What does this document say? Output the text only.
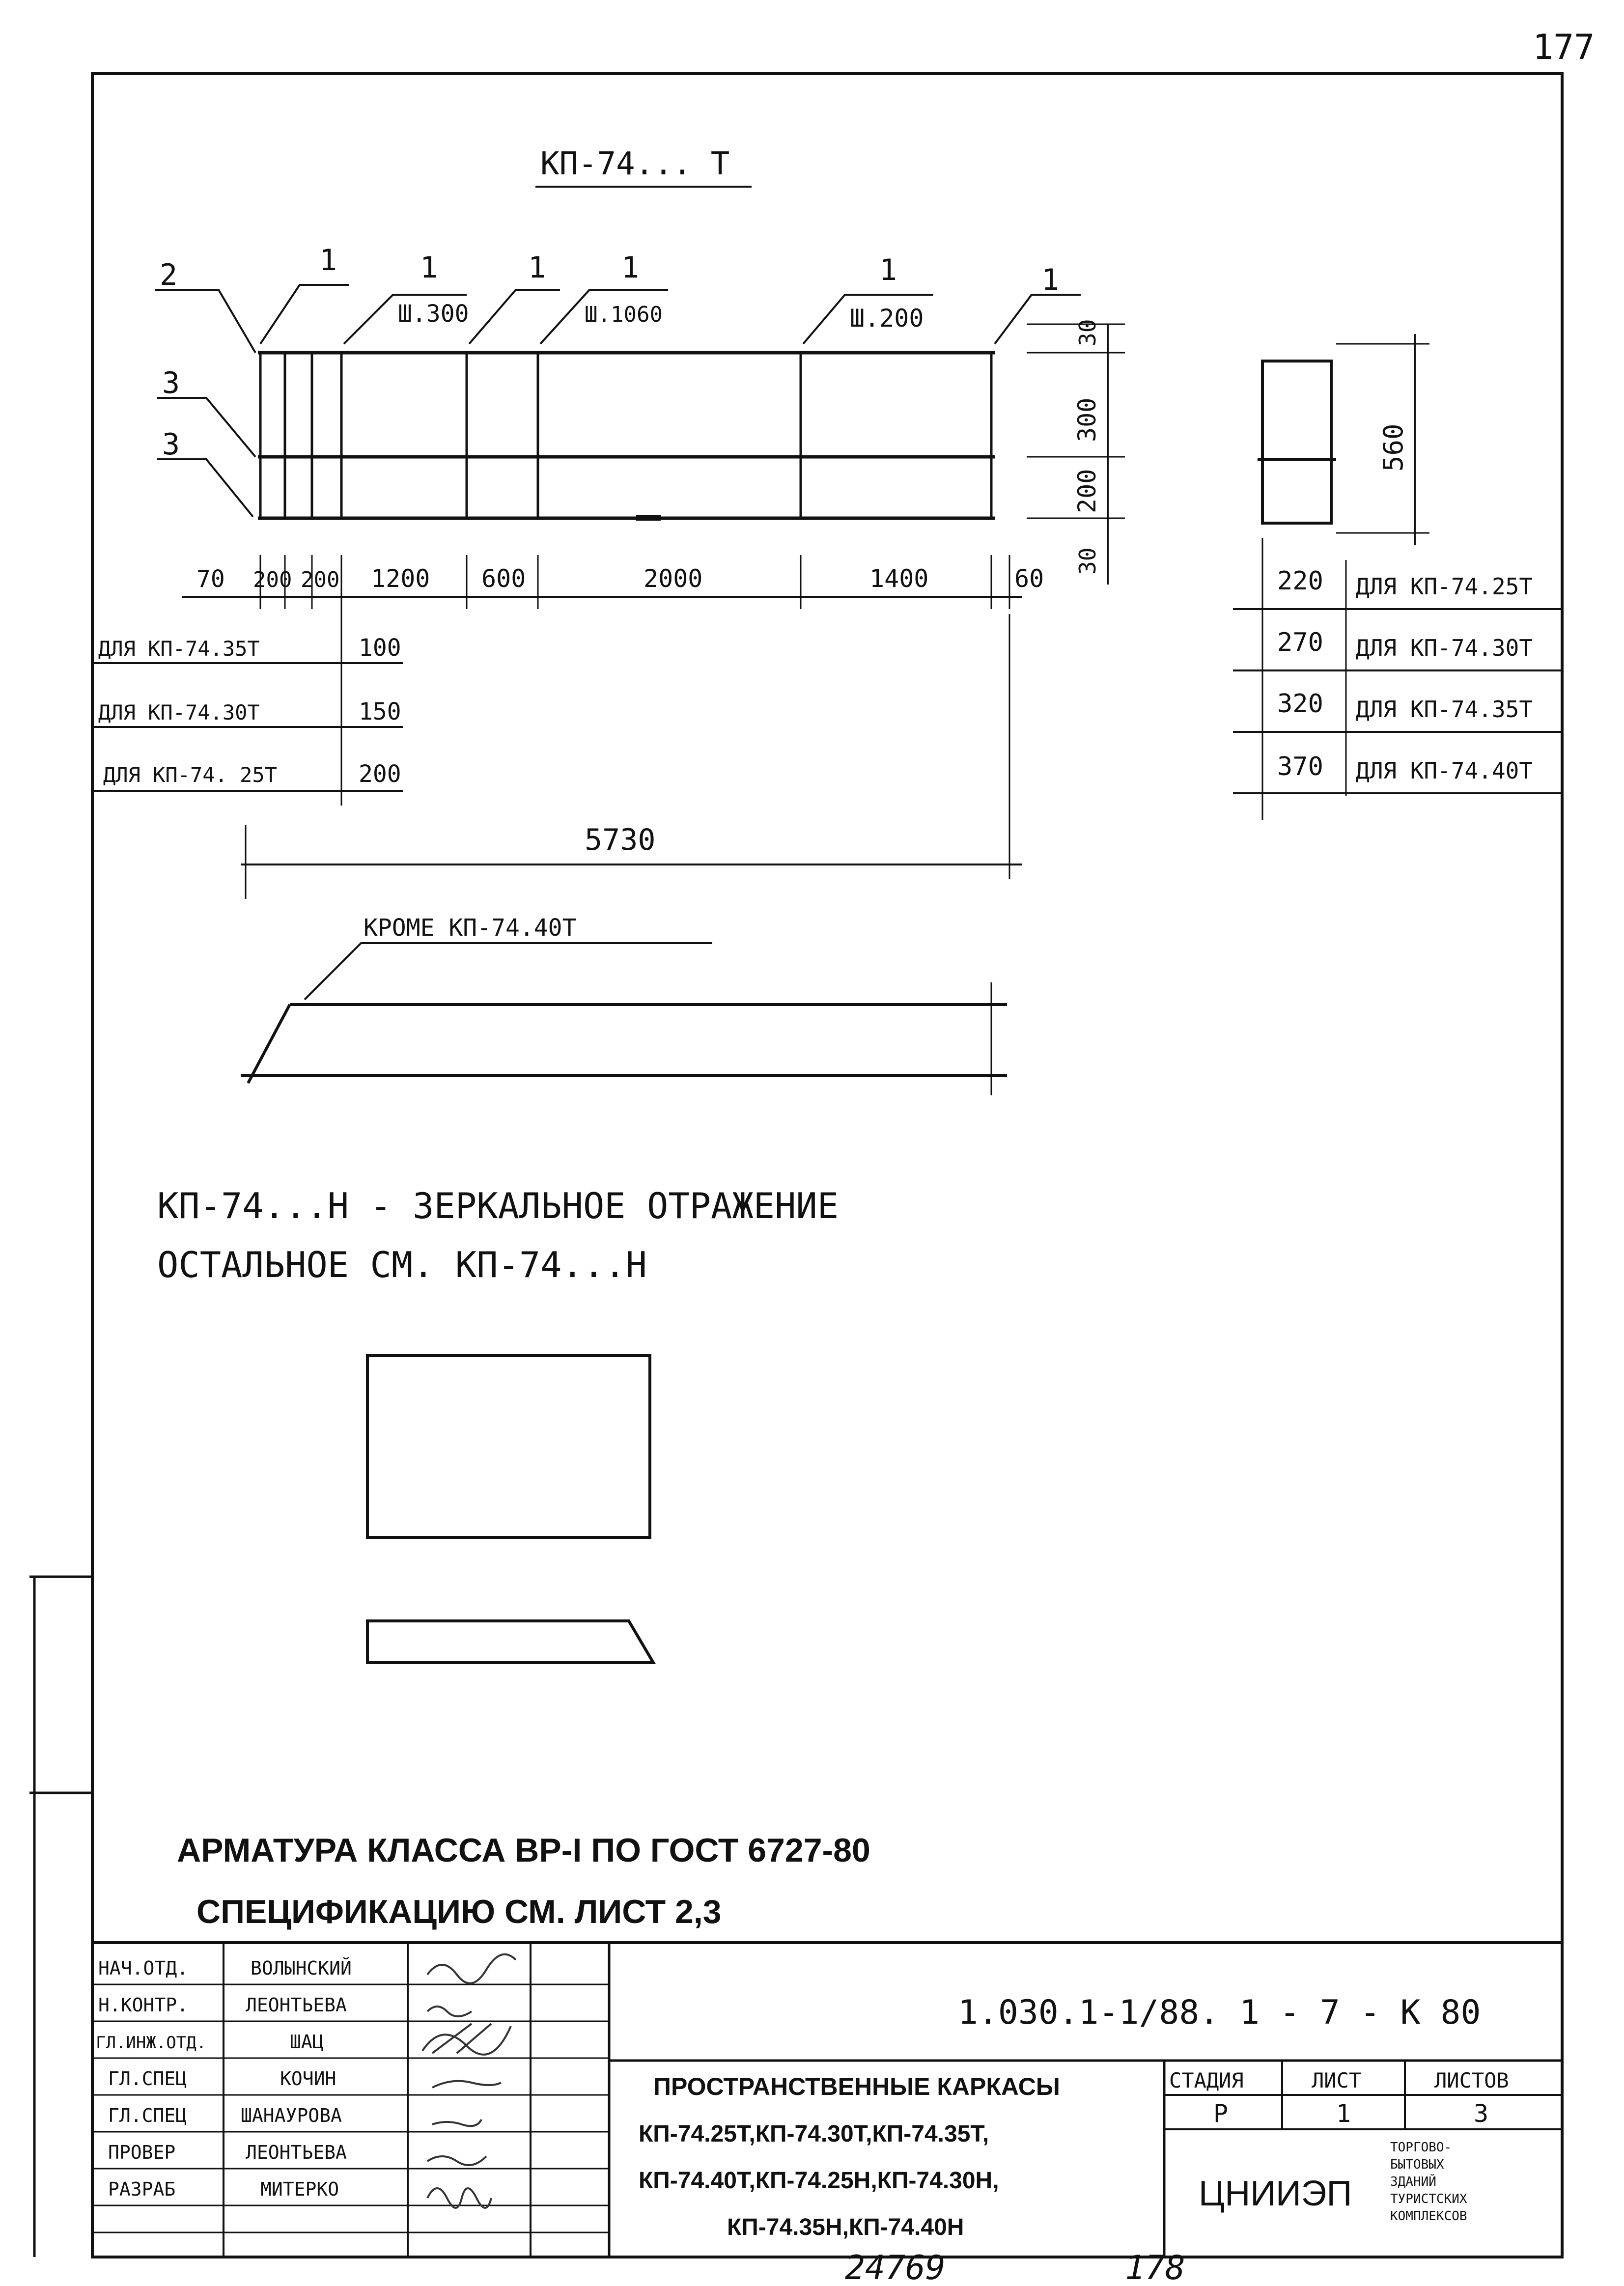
177
КП-74... Т
2
3
3
1	1
Ш.300
1	1
Ш.1060
1
Ш.200
1
30
300
200
30
70 200 200 1200 600	2000	1400	60
ДЛЯ КП-74.35Т	100
ДЛЯ КП-74.30Т	150
ДЛЯ КП-74. 25Т	200
5730
560
220 ДЛЯ КП-74.25Т
270 ДЛЯ КП-74.30Т
320 ДЛЯ КП-74.35Т
370 ДЛЯ КП-74.40Т
КРОМЕ КП-74.40Т
КП-74...Н - ЗЕРКАЛЬНОЕ ОТРАЖЕНИЕ
ОСТАЛЬНОЕ СМ. КП-74...Н
АРМАТУРА КЛАССА ВР-I ПО ГОСТ 6727-80
СПЕЦИФИКАЦИЮ СМ. ЛИСТ 2,3
1.030.1-1/88. 1 - 7 - К 80
НАЧ.ОТД.	ВОЛЫНСКИЙ
Н.КОНТР.	ЛЕОНТЬЕВА
ГЛ.ИНЖ.ОТД.	ШАЦ
ГЛ.СПЕЦ	КОЧИН
ГЛ.СПЕЦ	ШАНАУРОВА
ПРОВЕР	ЛЕОНТЬЕВА
РАЗРАБ	МИТЕРКО
ПРОСТРАНСТВЕННЫЕ КАРКАСЫ
КП-74.25Т,КП-74.30Т,КП-74.35Т,
КП-74.40Т,КП-74.25Н,КП-74.30Н,
КП-74.35Н,КП-74.40Н
СТАДИЯ	ЛИСТ	ЛИСТОВ
Р	1	3
ЦНИИЭП
ТОРГОВО-
БЫТОВЫХ
ЗДАНИЙ
ТУРИСТСКИХ
КОМПЛЕКСОВ
24769	178
